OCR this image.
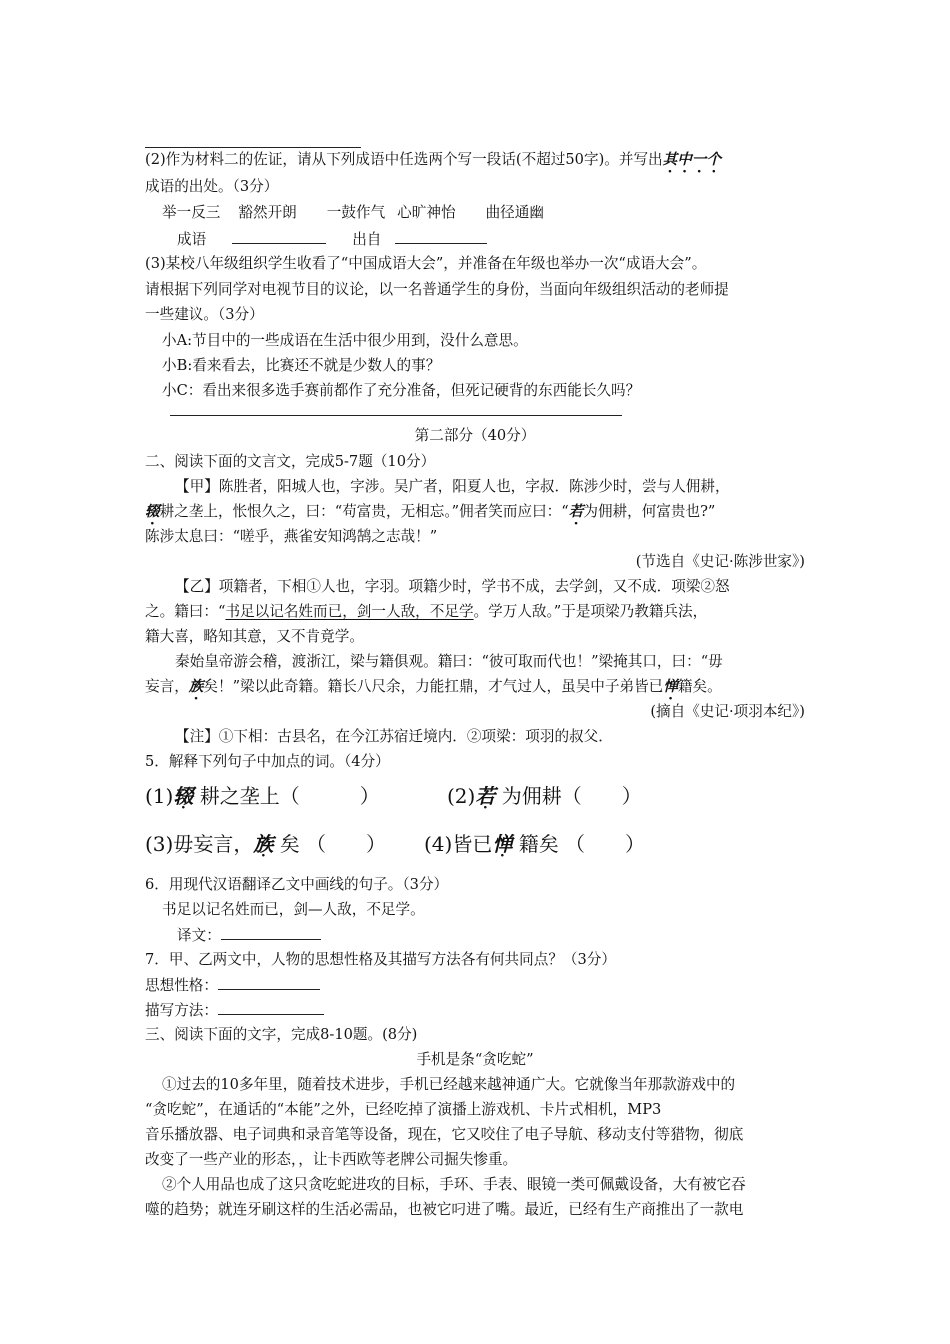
(2)作为材料二的佐证，请从下列成语中任选两个写一段话(不超过50字)。并写出其中一个
成语的出处。（3分）
举一反三 豁然开朗 一鼓作气 心旷神怡 曲径通幽
成语	出自
(3)某校八年级组织学生收看了“中国成语大会”，并准备在年级也举办一次“成语大会”。
请根据下列同学对电视节目的议论，以一名普通学生的身份，当面向年级组织活动的老师提
一些建议。（3分）
小A:节目中的一些成语在生活中很少用到，没什么意思。
小B:看来看去，比赛还不就是少数人的事？
小C：看出来很多选手赛前都作了充分准备，但死记硬背的东西能长久吗？
第二部分（40分）
二、阅读下面的文言文，完成5-7题（10分）
【甲】陈胜者，阳城人也，字涉。吴广者，阳夏人也，字叔．陈涉少时，尝与人佣耕，
辍耕之垄上，怅恨久之，曰：“苟富贵，无相忘。”佣者笑而应曰：“若为佣耕，何富贵也?”
陈涉太息曰：“嗟乎，燕雀安知鸿鹄之志哉！”
(节选自《史记·陈涉世家》)
【乙】项籍者，下相①人也，字羽。项籍少时，学书不成，去学剑，又不成．项梁②怒
之。籍曰：“书足以记名姓而已，剑一人敌，不足学。学万人敌。”于是项梁乃教籍兵法，
籍大喜，略知其意，又不肯竟学。
秦始皇帝游会稽，渡浙江，梁与籍俱观。籍曰：“彼可取而代也！”梁掩其口，曰：“毋
妄言，族矣！”梁以此奇籍。籍长八尺余，力能扛鼎，才气过人，虽吴中子弟皆已惮籍矣。
(摘自《史记·项羽本纪》)
【注】①下相：古县名，在今江苏宿迁境内．②项梁：项羽的叔父．
5．解释下列句子中加点的词。（4分）
(1)辍 耕之垄上（　　　）	(2)若 为佣耕（　　）
(3)毋妄言，族 矣 （　　） (4)皆已惮 籍矣 （　　）
6．用现代汉语翻译乙文中画线的句子。（3分）
书足以记名姓而已，剑—人敌，不足学。
译文：
7．甲、乙两文中，人物的思想性格及其描写方法各有何共同点？（3分）
思想性格：
描写方法：
三、阅读下面的文字，完成8-10题。(8分)
手机是条“贪吃蛇”
①过去的10多年里，随着技术进步，手机已经越来越神通广大。它就像当年那款游戏中的
“贪吃蛇”，在通话的“本能”之外，已经吃掉了演播上游戏机、卡片式相机，MP3
音乐播放器、电子词典和录音笔等设备，现在，它又咬住了电子导航、移动支付等猎物，彻底
改变了一些产业的形态，，让卡西欧等老牌公司掘失惨重。
②个人用品也成了这只贪吃蛇进攻的目标，手环、手表、眼镜一类可佩戴设备，大有被它吞
噬的趋势；就连牙刷这样的生活必需品，也被它叼进了嘴。最近，已经有生产商推出了一款电
